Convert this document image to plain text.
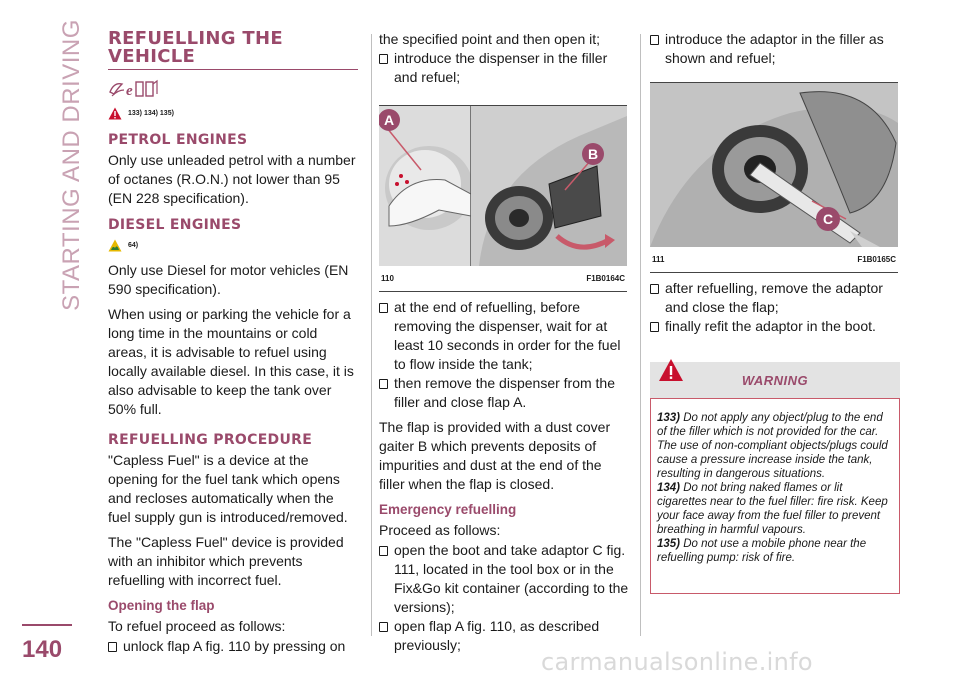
STARTING AND DRIVING
140	carmanualsonline.info
REFUELLING THE VEHICLE
e
133) 134) 135)
PETROL ENGINES

Only use unleaded petrol with a number of octanes (R.O.N.) not lower than 95 (EN 228 specification).

DIESEL ENGINES
64)

Only use Diesel for motor vehicles (EN 590 specification).

When using or parking the vehicle for a long time in the mountains or cold areas, it is advisable to refuel using locally available diesel. In this case, it is also advisable to keep the tank over 50% full.

REFUELLING PROCEDURE

"Capless Fuel" is a device at the opening for the fuel tank which opens and recloses automatically when the fuel supply gun is introduced/removed.

The "Capless Fuel" device is provided with an inhibitor which prevents refuelling with incorrect fuel.

Opening the flap

To refuel proceed as follows:

unlock flap A fig. 110 by pressing on

the specified point and then open it;

introduce the dispenser in the filler and refuel;
A
B
110	F1B0164C
at the end of refuelling, before removing the dispenser, wait for at least 10 seconds in order for the fuel to flow inside the tank;
then remove the dispenser from the filler and close flap A.

The flap is provided with a dust cover gaiter B which prevents deposits of impurities and dust at the end of the filler when the flap is closed.

Emergency refuelling

Proceed as follows:

open the boot and take adaptor C fig. 111, located in the tool box or in the Fix&Go kit container (according to the versions);
open flap A fig. 110, as described previously;
introduce the adaptor in the filler as shown and refuel;
C
111	F1B0165C
after refuelling, remove the adaptor and close the flap;
finally refit the adaptor in the boot.
WARNING
133) Do not apply any object/plug to the end of the filler which is not provided for the car. The use of non-compliant objects/plugs could cause a pressure increase inside the tank, resulting in dangerous situations.
134) Do not bring naked flames or lit cigarettes near to the fuel filler: fire risk. Keep your face away from the fuel filler to prevent breathing in harmful vapours.
135) Do not use a mobile phone near the refuelling pump: risk of fire.
